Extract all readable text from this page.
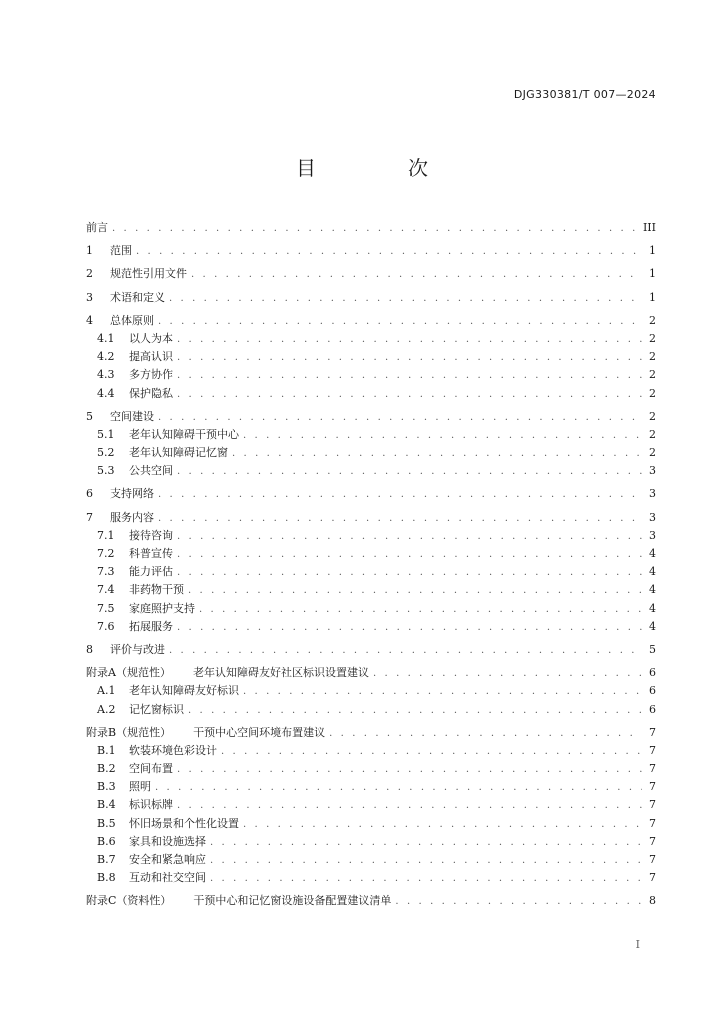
DJG330381/T 007—2024
目　次
前言 . . .	III
1	范围 . . .	1
2	规范性引用文件 . . .	1
3	术语和定义 . . .	1
4	总体原则 . . .	2
4.1	以人为本 . . .	2
4.2	提高认识 . . .	2
4.3	多方协作 . . .	2
4.4	保护隐私 . . .	2
5	空间建设 . . .	2
5.1	老年认知障碍干预中心 . . .	2
5.2	老年认知障碍记忆窗 . . .	2
5.3	公共空间 . . .	3
6	支持网络 . . .	3
7	服务内容 . . .	3
7.1	接待咨询 . . .	3
7.2	科普宣传 . . .	4
7.3	能力评估 . . .	4
7.4	非药物干预 . . .	4
7.5	家庭照护支持 . . .	4
7.6	拓展服务 . . .	4
8	评价与改进 . . .	5
附录A（规范性） 老年认知障碍友好社区标识设置建议 . . .	6
A.1	老年认知障碍友好标识 . . .	6
A.2	记忆窗标识 . . .	6
附录B（规范性） 干预中心空间环境布置建议 . . .	7
B.1	软装环境色彩设计 . . .	7
B.2	空间布置 . . .	7
B.3	照明 . . .	7
B.4	标识标牌 . . .	7
B.5	怀旧场景和个性化设置 . . .	7
B.6	家具和设施选择 . . .	7
B.7	安全和紧急响应 . . .	7
B.8	互动和社交空间 . . .	7
附录C（资料性） 干预中心和记忆窗设施设备配置建议清单 . . .	8
I
